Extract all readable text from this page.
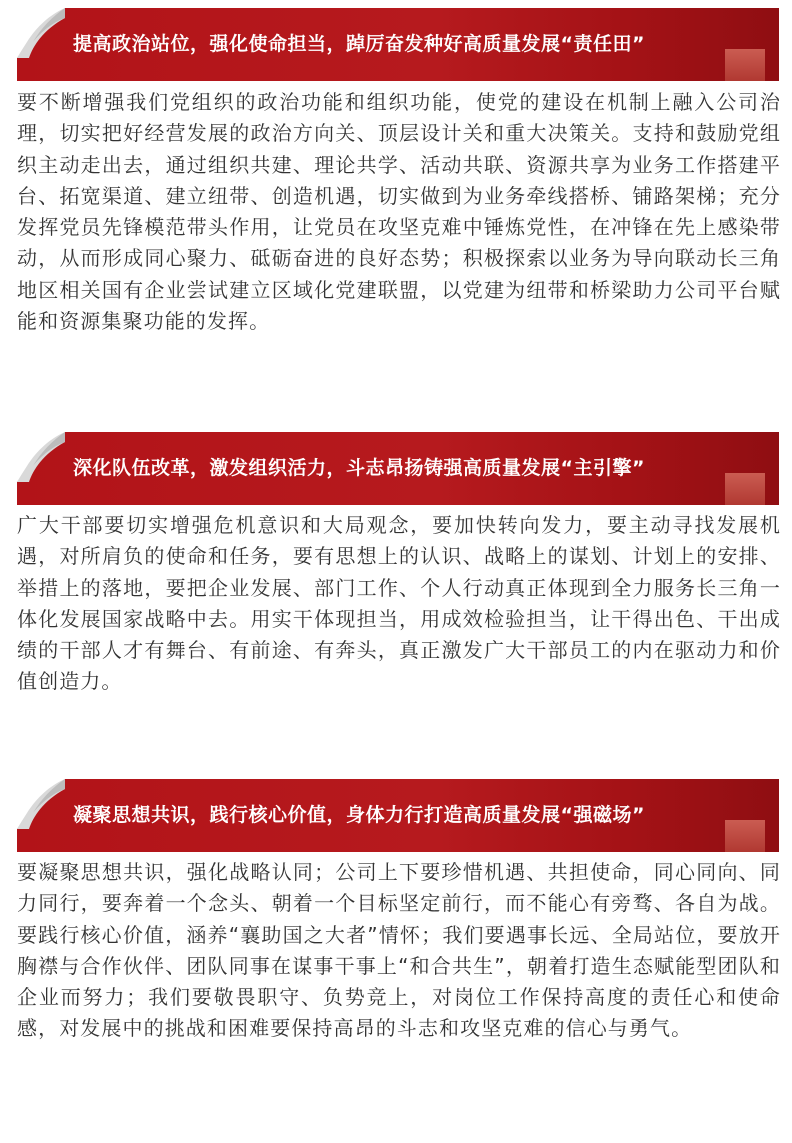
提高政治站位，强化使命担当，踔厉奋发种好高质量发展“责任田”

要不断增强我们党组织的政治功能和组织功能，使党的建设在机制上融入公司治理，切实把好经营发展的政治方向关、顶层设计关和重大决策关。支持和鼓励党组织主动走出去，通过组织共建、理论共学、活动共联、资源共享为业务工作搭建平台、拓宽渠道、建立纽带、创造机遇，切实做到为业务牵线搭桥、铺路架梯；充分发挥党员先锋模范带头作用，让党员在攻坚克难中锤炼党性，在冲锋在先上感染带动，从而形成同心聚力、砥砺奋进的良好态势；积极探索以业务为导向联动长三角地区相关国有企业尝试建立区域化党建联盟，以党建为纽带和桥梁助力公司平台赋能和资源集聚功能的发挥。

深化队伍改革，激发组织活力，斗志昂扬铸强高质量发展“主引擎”

广大干部要切实增强危机意识和大局观念，要加快转向发力，要主动寻找发展机遇，对所肩负的使命和任务，要有思想上的认识、战略上的谋划、计划上的安排、举措上的落地，要把企业发展、部门工作、个人行动真正体现到全力服务长三角一体化发展国家战略中去。用实干体现担当，用成效检验担当，让干得出色、干出成绩的干部人才有舞台、有前途、有奔头，真正激发广大干部员工的内在驱动力和价值创造力。

凝聚思想共识，践行核心价值，身体力行打造高质量发展“强磁场”

要凝聚思想共识，强化战略认同；公司上下要珍惜机遇、共担使命，同心同向、同力同行，要奔着一个念头、朝着一个目标坚定前行，而不能心有旁骛、各自为战。要践行核心价值，涵养“襄助国之大者”情怀；我们要遇事长远、全局站位，要放开胸襟与合作伙伴、团队同事在谋事干事上“和合共生”，朝着打造生态赋能型团队和企业而努力；我们要敬畏职守、负势竞上，对岗位工作保持高度的责任心和使命感，对发展中的挑战和困难要保持高昂的斗志和攻坚克难的信心与勇气。
